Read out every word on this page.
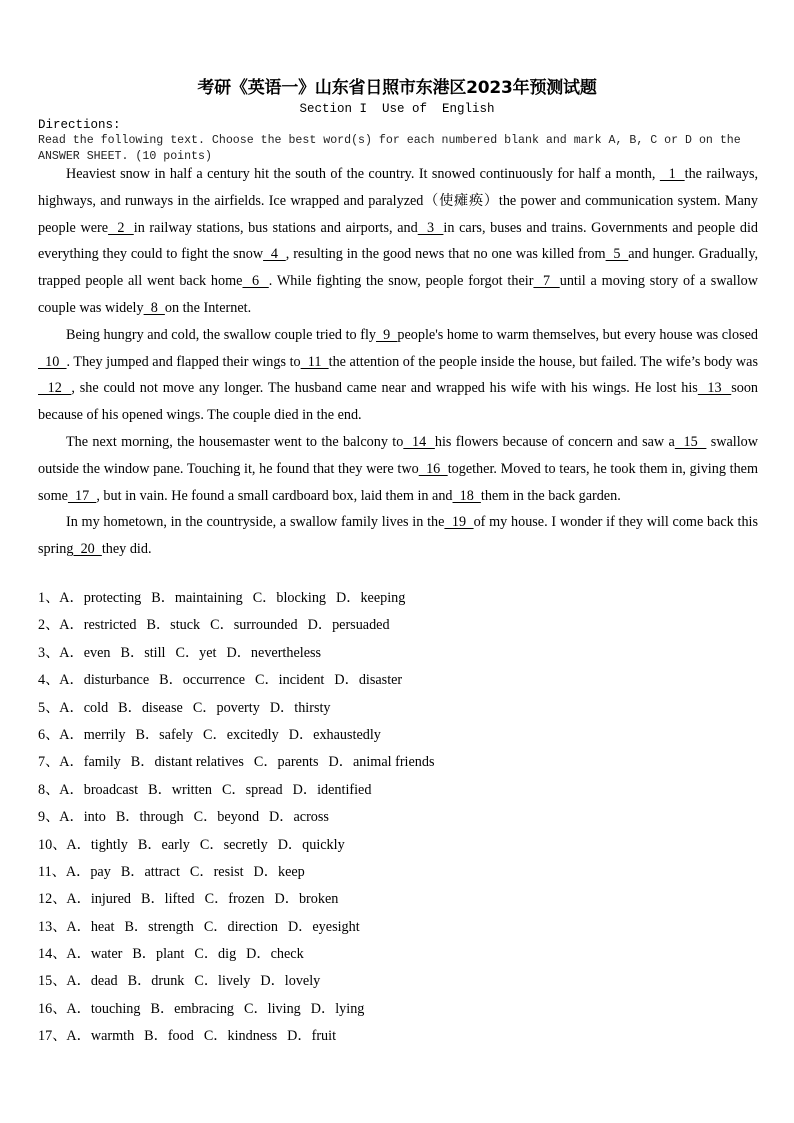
考研《英语一》山东省日照市东港区2023年预测试题
Section I  Use of  English
Directions:
Read the following text. Choose the best word(s) for each numbered blank and mark A, B, C or D on the ANSWER SHEET. (10 points)

Heaviest snow in half a century hit the south of the country. It snowed continuously for half a month,   1  the railways, highways, and runways in the airfields. Ice wrapped and paralyzed（使瘫痪）the power and communication system. Many people were  2  in railway stations, bus stations and airports, and  3  in cars, buses and trains. Governments and people did everything they could to fight the snow  4  , resulting in the good news that no one was killed from  5  and hunger. Gradually, trapped people all went back home  6  . While fighting the snow, people forgot their  7  until a moving story of a swallow couple was widely  8  on the Internet.

Being hungry and cold, the swallow couple tried to fly  9  people's home to warm themselves, but every house was closed  10  . They jumped and flapped their wings to  11  the attention of the people inside the house, but failed. The wife’s body was  12  , she could not move any longer. The husband came near and wrapped his wife with his wings. He lost his  13  soon because of his opened wings. The couple died in the end.

The next morning, the housemaster went to the balcony to  14  his flowers because of concern and saw a  15   swallow outside the window pane. Touching it, he found that they were two  16  together. Moved to tears, he took them in, giving them some  17  , but in vain. He found a small cardboard box, laid them in and  18  them in the back garden.

In my hometown, in the countryside, a swallow family lives in the  19  of my house. I wonder if they will come back this spring  20  they did.

1、A．protecting B．maintaining C．blocking D．keeping
2、A．restricted B．stuck C．surrounded D．persuaded
3、A．even B．still C．yet D．nevertheless
4、A．disturbance B．occurrence C．incident D．disaster
5、A．cold B．disease C．poverty D．thirsty
6、A．merrily B．safely C．excitedly D．exhaustedly
7、A．family B．distant relatives C．parents D．animal friends
8、A．broadcast B．written C．spread D．identified
9、A．into B．through C．beyond D．across
10、A．tightly B．early C．secretly D．quickly
11、A．pay B．attract C．resist D．keep
12、A．injured B．lifted C．frozen D．broken
13、A．heat B．strength C．direction D．eyesight
14、A．water B．plant C．dig D．check
15、A．dead B．drunk C．lively D．lovely
16、A．touching B．embracing C．living D．lying
17、A．warmth B．food C．kindness D．fruit
